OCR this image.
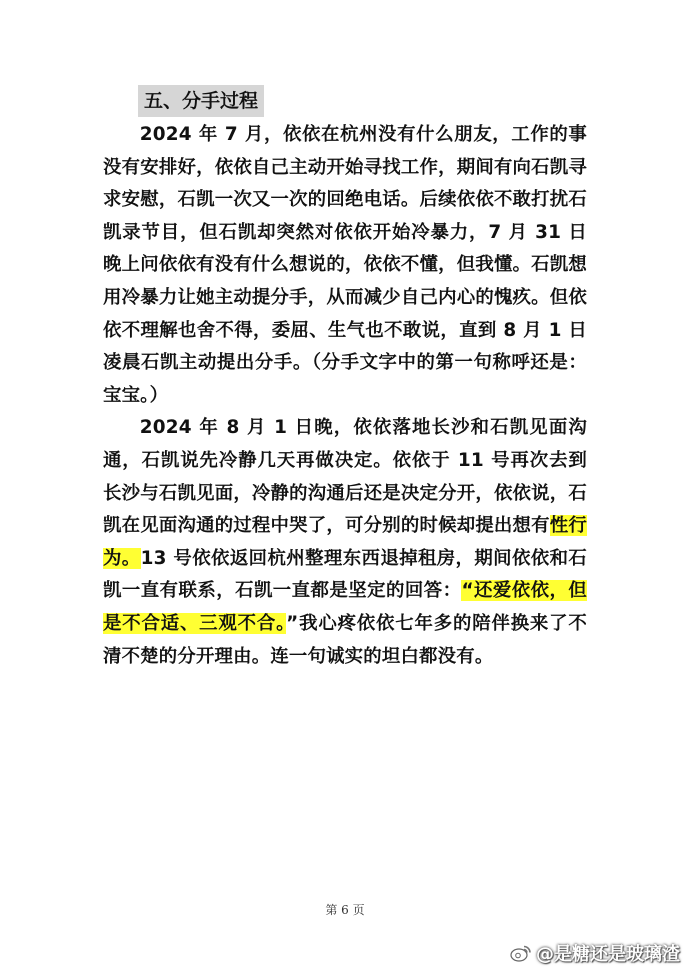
五、分手过程

2024 年 7 月，依依在杭州没有什么朋友，工作的事没有安排好，依依自己主动开始寻找工作，期间有向石凯寻求安慰，石凯一次又一次的回绝电话。后续依依不敢打扰石凯录节目，但石凯却突然对依依开始冷暴力，7 月 31 日晚上问依依有没有什么想说的，依依不懂，但我懂。石凯想用冷暴力让她主动提分手，从而减少自己内心的愧疚。但依依不理解也舍不得，委屈、生气也不敢说，直到 8 月 1 日凌晨石凯主动提出分手。（分手文字中的第一句称呼还是：宝宝。）

2024 年 8 月 1 日晚，依依落地长沙和石凯见面沟通，石凯说先冷静几天再做决定。依依于 11 号再次去到长沙与石凯见面，冷静的沟通后还是决定分开，依依说，石凯在见面沟通的过程中哭了，可分别的时候却提出想有性行为。13 号依依返回杭州整理东西退掉租房，期间依依和石凯一直有联系，石凯一直都是坚定的回答：“还爱依依，但是不合适、三观不合。”我心疼依依七年多的陪伴换来了不清不楚的分开理由。连一句诚实的坦白都没有。

第 6 页
@是糖还是玻璃渣
